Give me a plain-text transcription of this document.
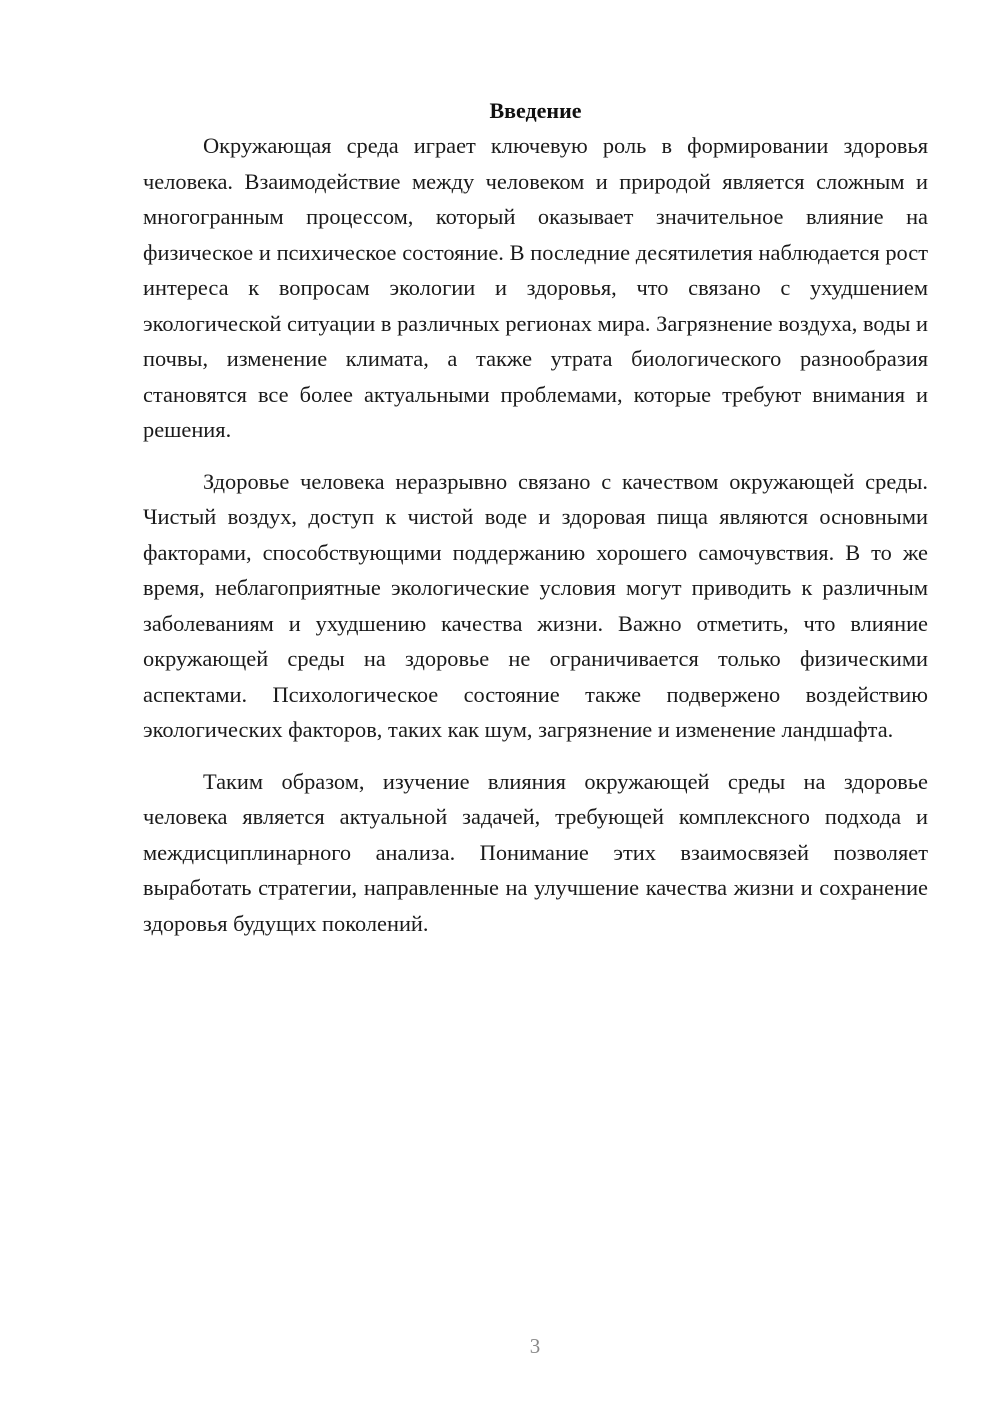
Введение

Окружающая среда играет ключевую роль в формировании здоровья человека. Взаимодействие между человеком и природой является сложным и многогранным процессом, который оказывает значительное влияние на физическое и психическое состояние. В последние десятилетия наблюдается рост интереса к вопросам экологии и здоровья, что связано с ухудшением экологической ситуации в различных регионах мира. Загрязнение воздуха, воды и почвы, изменение климата, а также утрата биологического разнообразия становятся все более актуальными проблемами, которые требуют внимания и решения.

Здоровье человека неразрывно связано с качеством окружающей среды. Чистый воздух, доступ к чистой воде и здоровая пища являются основными факторами, способствующими поддержанию хорошего самочувствия. В то же время, неблагоприятные экологические условия могут приводить к различным заболеваниям и ухудшению качества жизни. Важно отметить, что влияние окружающей среды на здоровье не ограничивается только физическими аспектами. Психологическое состояние также подвержено воздействию экологических факторов, таких как шум, загрязнение и изменение ландшафта.

Таким образом, изучение влияния окружающей среды на здоровье человека является актуальной задачей, требующей комплексного подхода и междисциплинарного анализа. Понимание этих взаимосвязей позволяет выработать стратегии, направленные на улучшение качества жизни и сохранение здоровья будущих поколений.

3
